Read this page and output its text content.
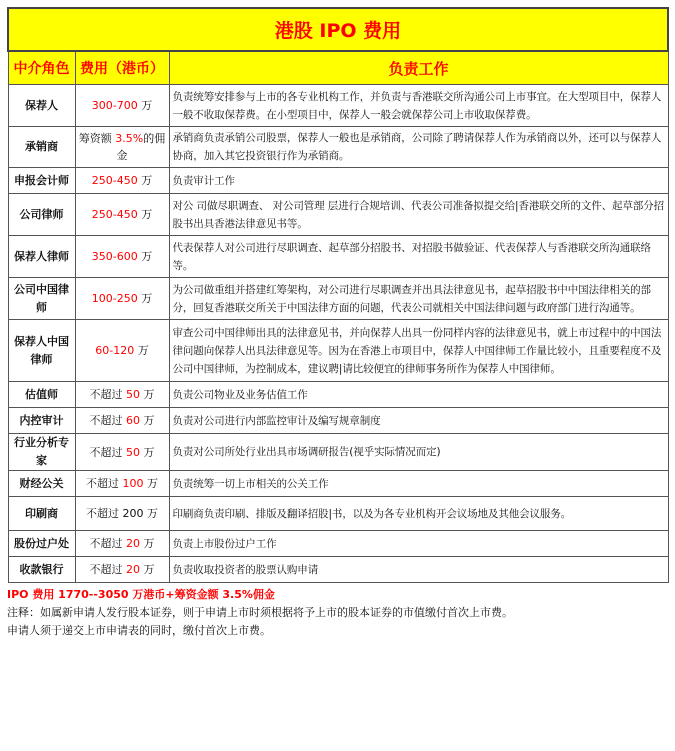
港股 IPO 费用		
中介角色	费用（港币）	负责工作
保荐人	300-700 万	负责统筹安排参与上市的各专业机构工作，并负责与香港联交所沟通公司上市事宜。在大型项目中，保荐人一般不收取保荐费。在小型项目中，保荐人一般会就保荐公司上市收取保荐费。
承销商	筹资额 3.5%的佣金	承销商负责承销公司股票，保荐人一般也是承销商，公司除了聘请保荐人作为承销商以外，还可以与保荐人协商，加入其它投资银行作为承销商。
申报会计师	250-450 万	负责审计工作
公司律师	250-450 万	对公 司做尽职调查、 对公司管理 层进行合规培训、代表公司准备拟提交给|香港联交所的文件、起草部分招股书出具香港法律意见书等。
保荐人律师	350-600 万	代表保荐人对公司进行尽职调查、起草部分招股书、对招股书做验证、代表保荐人与香港联交所沟通联络等。
公司中国律师	100-250 万	为公司做重组并搭建红筹架构，对公司进行尽职调查并出具法律意见书，起草招股书中中国法律相关的部分，回复香港联交所关于中国法律方面的问题，代表公司就相关中国法律问题与政府部门进行沟通等。
保荐人中国律师	60-120 万	审查公司中国律师出具的法律意见书，并向保荐人出具一份同样内容的法律意见书，就上市过程中的中国法律问题向保荐人出具法律意见等。因为在香港上市项目中，保荐人中国律师工作量比较小，且重要程度不及公司中国律师，为控制成本，建议聘|请比较便宜的律师事务所作为保荐人中国律师。
估值师	不超过 50 万	负责公司物业及业务估值工作
内控审计	不超过 60 万	负责对公司进行内部监控审计及编写规章制度
行业分析专家	不超过 50 万	负责对公司所处行业出具市场调研报告(视乎实际情况而定)
财经公关	不超过 100 万	负责统筹一切上市相关的公关工作
印刷商	不超过 200 万	印刷商负责印刷、排版及翻译招股|书，以及为各专业机构开会议场地及其他会议服务。
股份过户处	不超过 20 万	负责上市股份过户工作
收款银行	不超过 20 万	负责收取投资者的股票认购申请
IPO 费用 1770--3050 万港币+筹资金额 3.5%佣金
注释：如属新申请人发行股本证券，则于申请上市时须根据将予上市的股本证券的市值缴付首次上市费。
申请人须于递交上市申请表的同时，缴付首次上市费。
